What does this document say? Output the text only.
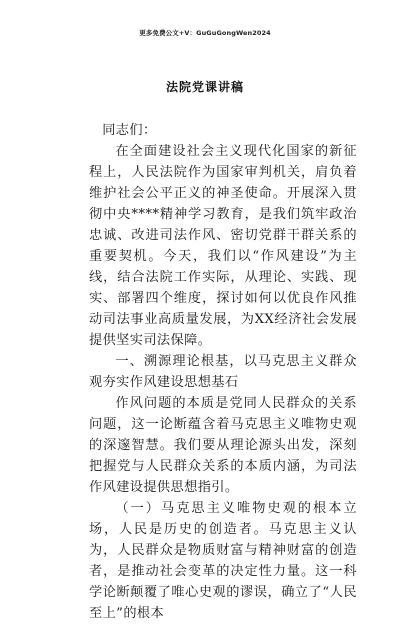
更多免费公文+V：GuGuGongWen2024
法院党课讲稿

同志们：

在全面建设社会主义现代化国家的新征程上，人民法院作为国家审判机关，肩负着维护社会公平正义的神圣使命。开展深入贯彻中央****精神学习教育，是我们筑牢政治忠诚、改进司法作风、密切党群干群关系的重要契机。今天，我们以“作风建设”为主线，结合法院工作实际，从理论、实践、现实、部署四个维度，探讨如何以优良作风推动司法事业高质量发展，为XX经济社会发展提供坚实司法保障。

一、溯源理论根基，以马克思主义群众观夯实作风建设思想基石

作风问题的本质是党同人民群众的关系问题，这一论断蕴含着马克思主义唯物史观的深邃智慧。我们要从理论源头出发，深刻把握党与人民群众关系的本质内涵，为司法作风建设提供思想指引。

（一）马克思主义唯物史观的根本立场，人民是历史的创造者。马克思主义认为，人民群众是物质财富与精神财富的创造者，是推动社会变革的决定性力量。这一科学论断颠覆了唯心史观的谬误，确立了“人民至上”的根本
